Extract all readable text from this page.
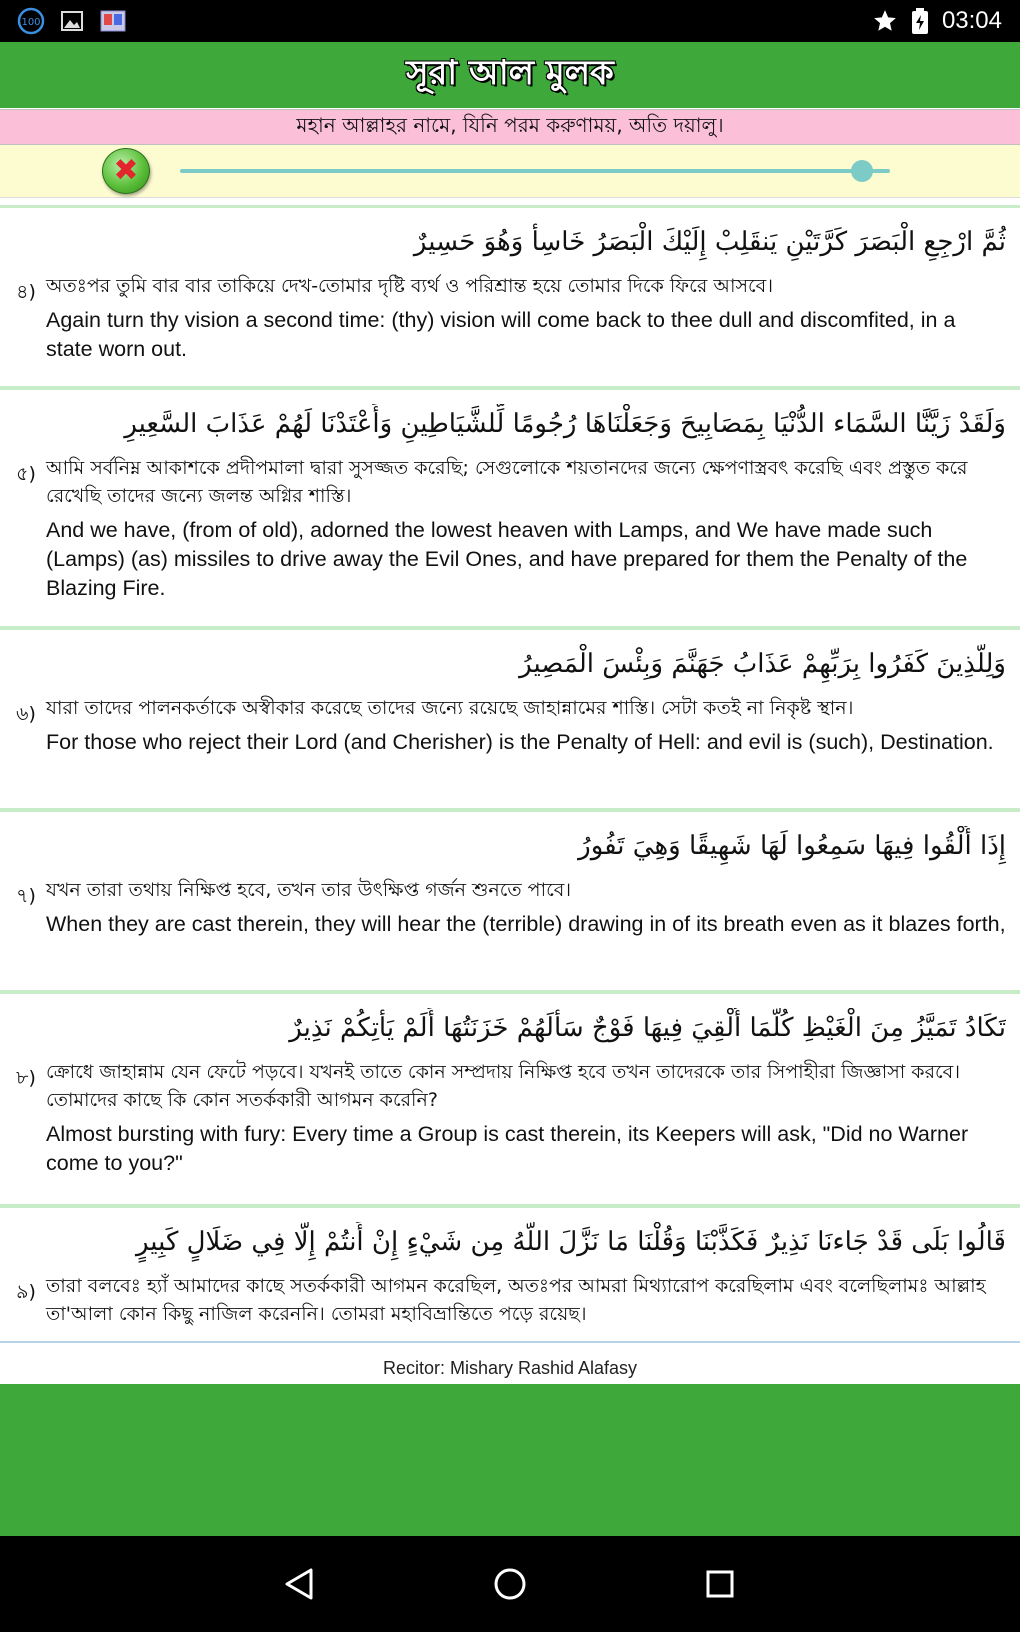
100	03:04
সূরা আল মুলক
মহান আল্লাহর নামে, যিনি পরম করুণাময়, অতি দয়ালু।
✖
ثُمَّ ارْجِعِ الْبَصَرَ كَرَّتَيْنِ يَنقَلِبْ إِلَيْكَ الْبَصَرُ خَاسِأً وَهُوَ حَسِيرٌ
৪) অতঃপর তুমি বার বার তাকিয়ে দেখ-তোমার দৃষ্টি ব্যর্থ ও পরিশ্রান্ত হয়ে তোমার দিকে ফিরে আসবে।
Again turn thy vision a second time: (thy) vision will come back to thee dull and discomfited, in a state worn out.
وَلَقَدْ زَيَّنَّا السَّمَاء الدُّنْيَا بِمَصَابِيحَ وَجَعَلْنَاهَا رُجُومًا لِّلشَّيَاطِينِ وَأَعْتَدْنَا لَهُمْ عَذَابَ السَّعِيرِ
৫) আমি সর্বনিম্ন আকাশকে প্রদীপমালা দ্বারা সুসজ্জত করেছি; সেগুলোকে শয়তানদের জন্যে ক্ষেপণাস্ত্রবৎ করেছি এবং প্রস্তুত করে রেখেছি তাদের জন্যে জলন্ত অগ্নির শাস্তি।
And we have, (from of old), adorned the lowest heaven with Lamps, and We have made such (Lamps) (as) missiles to drive away the Evil Ones, and have prepared for them the Penalty of the Blazing Fire.
وَلِلَّذِينَ كَفَرُوا بِرَبِّهِمْ عَذَابُ جَهَنَّمَ وَبِئْسَ الْمَصِيرُ
৬) যারা তাদের পালনকর্তাকে অস্বীকার করেছে তাদের জন্যে রয়েছে জাহান্নামের শাস্তি। সেটা কতই না নিকৃষ্ট স্থান।
For those who reject their Lord (and Cherisher) is the Penalty of Hell: and evil is (such), Destination.
إِذَا أُلْقُوا فِيهَا سَمِعُوا لَهَا شَهِيقًا وَهِيَ تَفُورُ
৭) যখন তারা তথায় নিক্ষিপ্ত হবে, তখন তার উৎক্ষিপ্ত গর্জন শুনতে পাবে।
When they are cast therein, they will hear the (terrible) drawing in of its breath even as it blazes forth,
تَكَادُ تَمَيَّزُ مِنَ الْغَيْظِ كُلَّمَا أُلْقِيَ فِيهَا فَوْجٌ سَأَلَهُمْ خَزَنَتُهَا أَلَمْ يَأْتِكُمْ نَذِيرٌ
৮) ক্রোধে জাহান্নাম যেন ফেটে পড়বে। যখনই তাতে কোন সম্প্রদায় নিক্ষিপ্ত হবে তখন তাদেরকে তার সিপাহীরা জিজ্ঞাসা করবে। তোমাদের কাছে কি কোন সতর্ককারী আগমন করেনি?
Almost bursting with fury: Every time a Group is cast therein, its Keepers will ask, "Did no Warner come to you?"
قَالُوا بَلَى قَدْ جَاءنَا نَذِيرٌ فَكَذَّبْنَا وَقُلْنَا مَا نَزَّلَ اللَّهُ مِن شَيْءٍ إِنْ أَنتُمْ إِلَّا فِي ضَلَالٍ كَبِيرٍ
৯) তারা বলবেঃ হ্যাঁ আমাদের কাছে সতর্ককারী আগমন করেছিল, অতঃপর আমরা মিথ্যারোপ করেছিলাম এবং বলেছিলামঃ আল্লাহ তা'আলা কোন কিছু নাজিল করেননি। তোমরা মহাবিভ্রান্তিতে পড়ে রয়েছ।
Recitor: Mishary Rashid Alafasy
